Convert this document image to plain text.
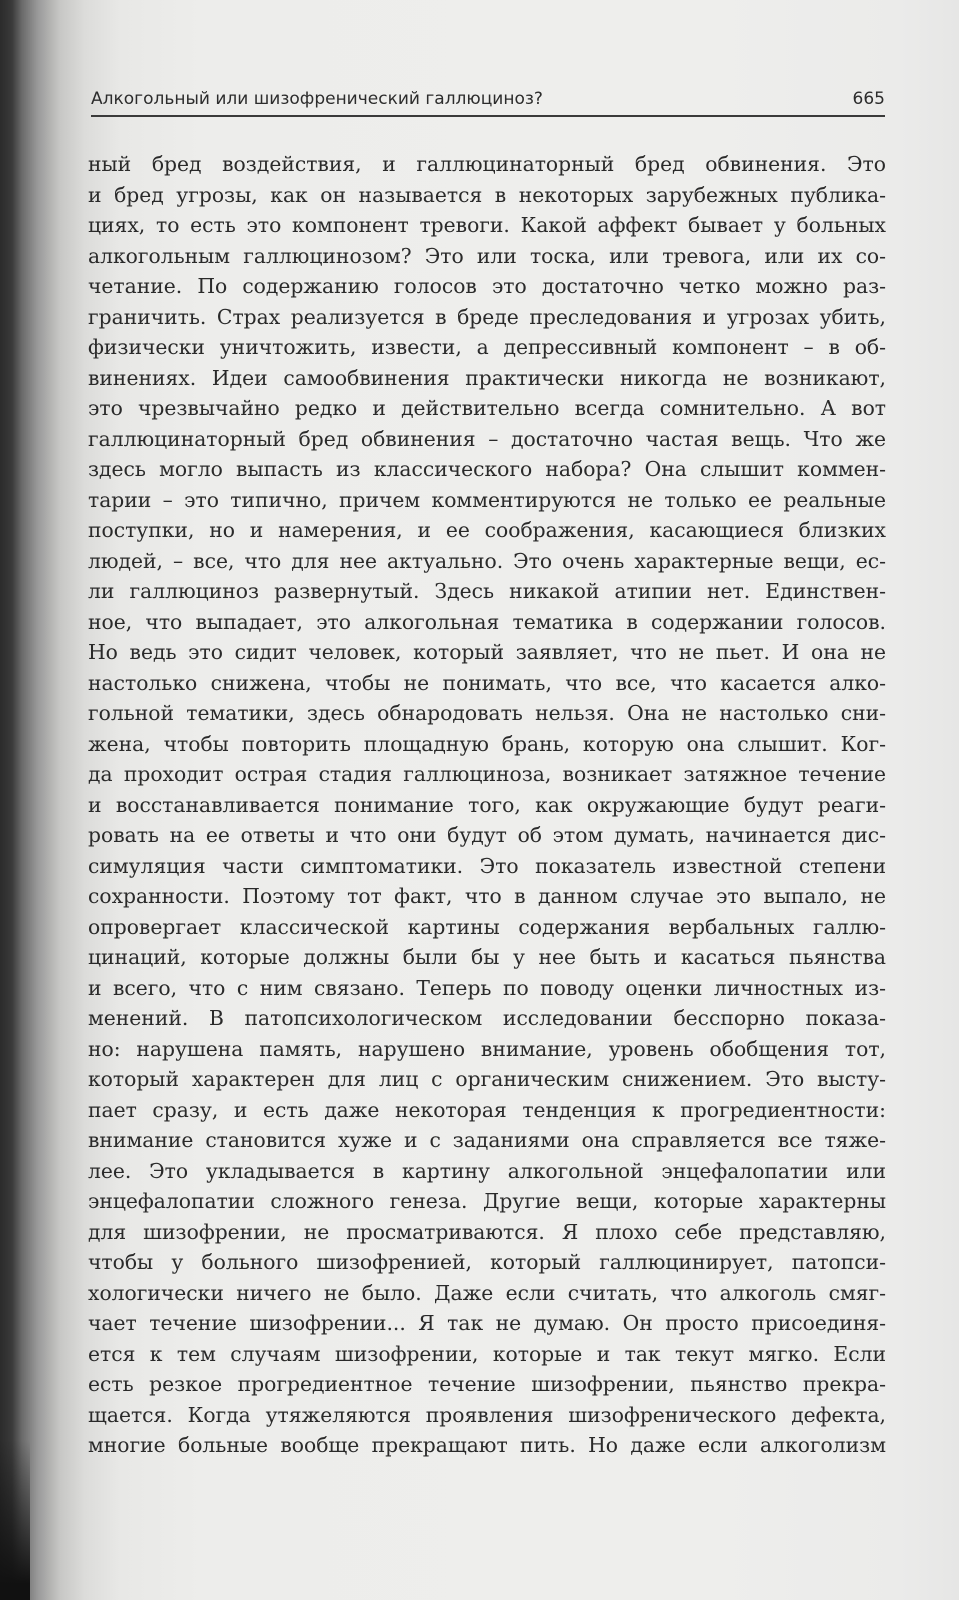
Алкогольный или шизофренический галлюциноз?	665
ный бред воздействия, и галлюцинаторный бред обвинения. Это
и бред угрозы, как он называется в некоторых зарубежных публика-
циях, то есть это компонент тревоги. Какой аффект бывает у больных
алкогольным галлюцинозом? Это или тоска, или тревога, или их со-
четание. По содержанию голосов это достаточно четко можно раз-
граничить. Страх реализуется в бреде преследования и угрозах убить,
физически уничтожить, извести, а депрессивный компонент – в об-
винениях. Идеи самообвинения практически никогда не возникают,
это чрезвычайно редко и действительно всегда сомнительно. А вот
галлюцинаторный бред обвинения – достаточно частая вещь. Что же
здесь могло выпасть из классического набора? Она слышит коммен-
тарии – это типично, причем комментируются не только ее реальные
поступки, но и намерения, и ее соображения, касающиеся близких
людей, – все, что для нее актуально. Это очень характерные вещи, ес-
ли галлюциноз развернутый. Здесь никакой атипии нет. Единствен-
ное, что выпадает, это алкогольная тематика в содержании голосов.
Но ведь это сидит человек, который заявляет, что не пьет. И она не
настолько снижена, чтобы не понимать, что все, что касается алко-
гольной тематики, здесь обнародовать нельзя. Она не настолько сни-
жена, чтобы повторить площадную брань, которую она слышит. Ког-
да проходит острая стадия галлюциноза, возникает затяжное течение
и восстанавливается понимание того, как окружающие будут реаги-
ровать на ее ответы и что они будут об этом думать, начинается дис-
симуляция части симптоматики. Это показатель известной степени
сохранности. Поэтому тот факт, что в данном случае это выпало, не
опровергает классической картины содержания вербальных галлю-
цинаций, которые должны были бы у нее быть и касаться пьянства
и всего, что с ним связано. Теперь по поводу оценки личностных из-
менений. В патопсихологическом исследовании бесспорно показа-
но: нарушена память, нарушено внимание, уровень обобщения тот,
который характерен для лиц с органическим снижением. Это высту-
пает сразу, и есть даже некоторая тенденция к прогредиентности:
внимание становится хуже и с заданиями она справляется все тяже-
лее. Это укладывается в картину алкогольной энцефалопатии или
энцефалопатии сложного генеза. Другие вещи, которые характерны
для шизофрении, не просматриваются. Я плохо себе представляю,
чтобы у больного шизофренией, который галлюцинирует, патопси-
хологически ничего не было. Даже если считать, что алкоголь смяг-
чает течение шизофрении... Я так не думаю. Он просто присоединя-
ется к тем случаям шизофрении, которые и так текут мягко. Если
есть резкое прогредиентное течение шизофрении, пьянство прекра-
щается. Когда утяжеляются проявления шизофренического дефекта,
многие больные вообще прекращают пить. Но даже если алкоголизм
